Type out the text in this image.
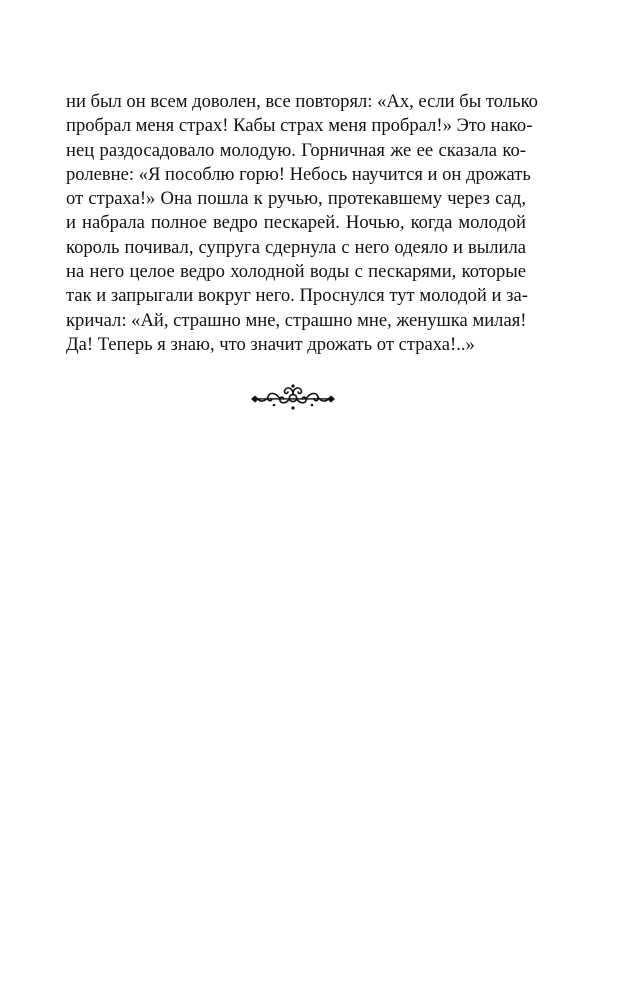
ни был он всем доволен, все повторял: «Ах, если бы только
пробрал меня страх! Кабы страх меня пробрал!» Это нако-
нец раздосадовало молодую. Горничная же ее сказала ко-
ролевне: «Я пособлю горю! Небось научится и он дрожать
от страха!» Она пошла к ручью, протекавшему через сад,
и набрала полное ведро пескарей. Ночью, когда молодой
король почивал, супруга сдернула с него одеяло и вылила
на него целое ведро холодной воды с пескарями, которые
так и запрыгали вокруг него. Проснулся тут молодой и за-
кричал: «Ай, страшно мне, страшно мне, женушка милая!
Да! Теперь я знаю, что значит дрожать от страха!..»
